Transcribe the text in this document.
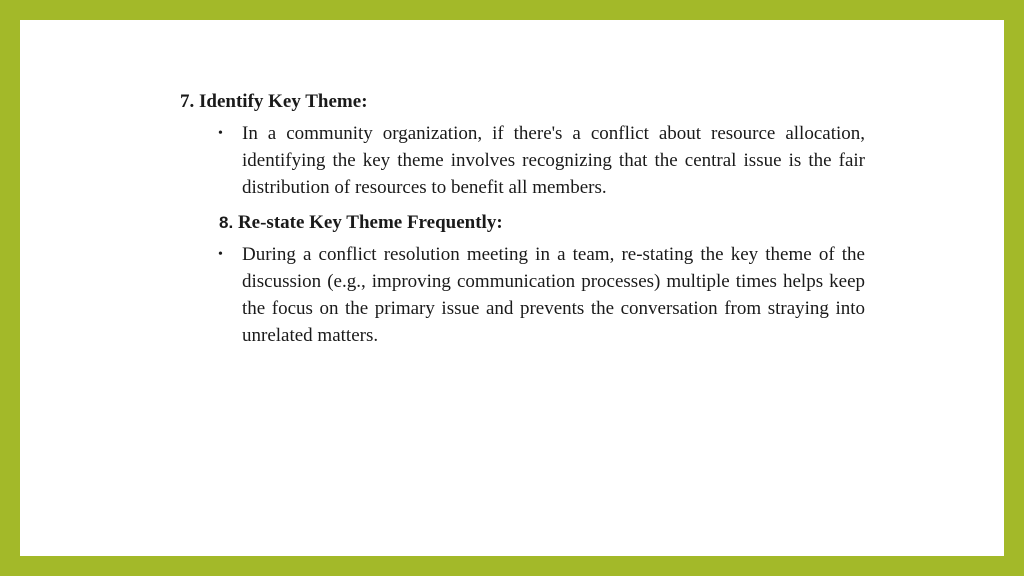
7. Identify Key Theme:
• In a community organization, if there's a conflict about resource allocation, identifying the key theme involves recognizing that the central issue is the fair distribution of resources to benefit all members.
8. Re-state Key Theme Frequently:
• During a conflict resolution meeting in a team, re-stating the key theme of the discussion (e.g., improving communication processes) multiple times helps keep the focus on the primary issue and prevents the conversation from straying into unrelated matters.
